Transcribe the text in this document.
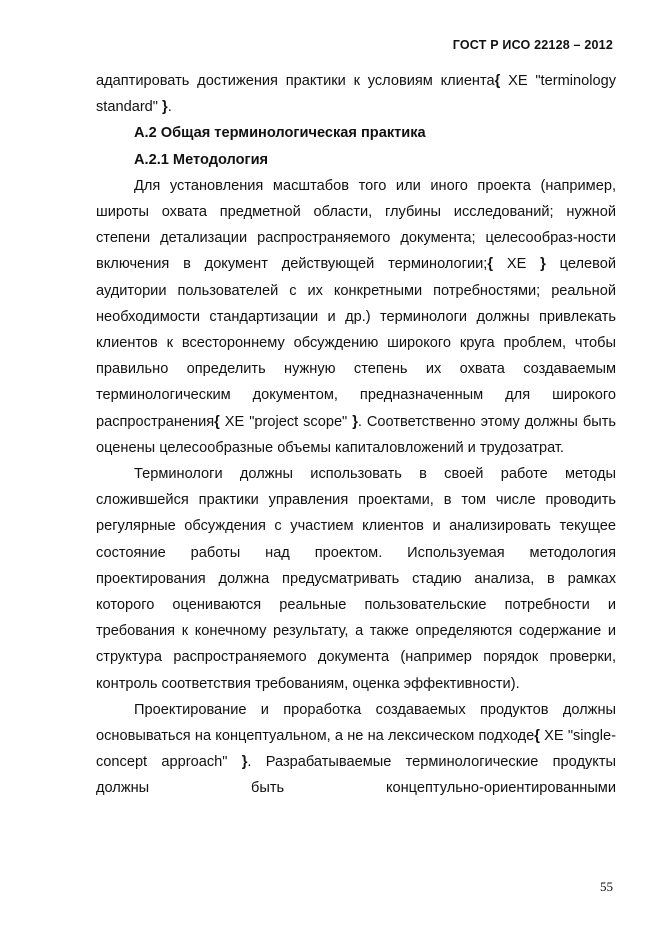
ГОСТ Р ИСО 22128 – 2012

адаптировать достижения практики к условиям клиента{ XE "terminology standard" }.

А.2 Общая терминологическая практика

А.2.1 Методология

Для установления масштабов того или иного проекта (например, широты охвата предметной области, глубины исследований; нужной степени детализации распространяемого документа; целесообраз-ности включения в документ действующей терминологии;{ XE } целевой аудитории пользователей с их конкретными потребностями; реальной необходимости стандартизации и др.) терминологи должны привлекать клиентов к всестороннему обсуждению широкого круга проблем, чтобы правильно определить нужную степень их охвата создаваемым терминологическим документом, предназначенным для широкого распространения{ XE "project scope" }. Соответственно этому должны быть оценены целесообразные объемы капиталовложений и трудозатрат.

Терминологи должны использовать в своей работе методы сложившейся практики управления проектами, в том числе проводить регулярные обсуждения с участием клиентов и анализировать текущее состояние работы над проектом. Используемая методология проектирования должна предусматривать стадию анализа, в рамках которого оцениваются реальные пользовательские потребности и требования к конечному результату, а также определяются содержание и структура распространяемого документа (например порядок проверки, контроль соответствия требованиям, оценка эффективности).

Проектирование и проработка создаваемых продуктов должны основываться на концептуальном, а не на лексическом подходе{ XE "single-concept approach" }. Разрабатываемые терминологические продукты должны быть концептульно-ориентированными

55
